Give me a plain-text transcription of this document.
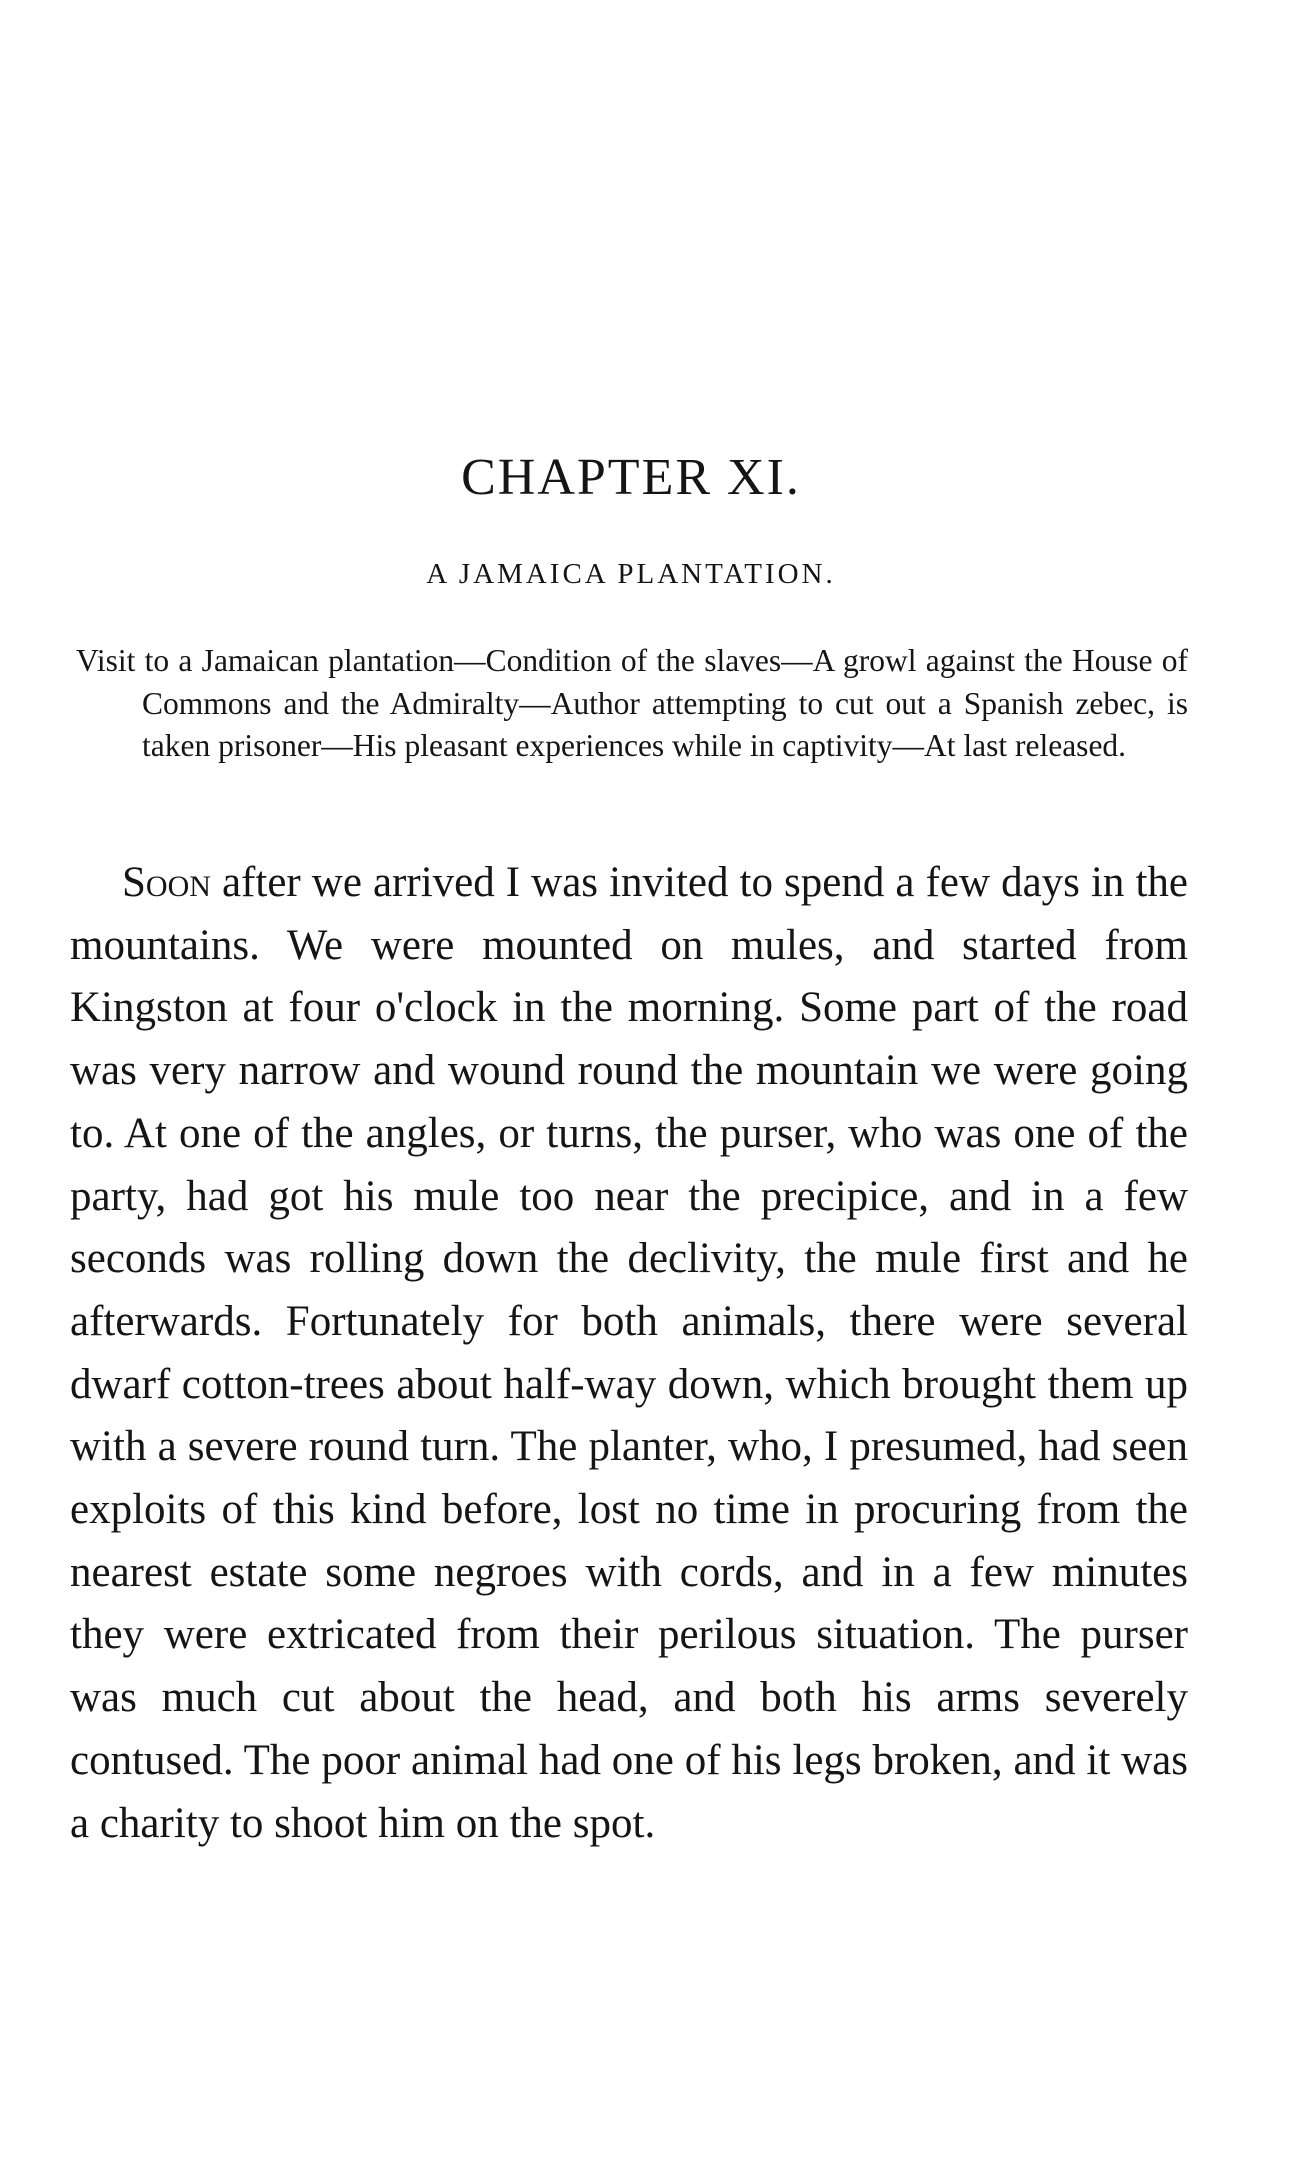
CHAPTER XI.
A JAMAICA PLANTATION.

Visit to a Jamaican plantation—Condition of the slaves—A growl against the House of Commons and the Admiralty—Author attempting to cut out a Spanish zebec, is taken prisoner—His pleasant experiences while in captivity—At last released.

Soon after we arrived I was invited to spend a few days in the mountains. We were mounted on mules, and started from Kingston at four o'clock in the morning. Some part of the road was very narrow and wound round the mountain we were going to. At one of the angles, or turns, the purser, who was one of the party, had got his mule too near the precipice, and in a few seconds was rolling down the declivity, the mule first and he afterwards. Fortunately for both animals, there were several dwarf cotton-trees about half-way down, which brought them up with a severe round turn. The planter, who, I presumed, had seen exploits of this kind before, lost no time in procuring from the nearest estate some negroes with cords, and in a few minutes they were extricated from their perilous situation. The purser was much cut about the head, and both his arms severely contused. The poor animal had one of his legs broken, and it was a charity to shoot him on the spot.
